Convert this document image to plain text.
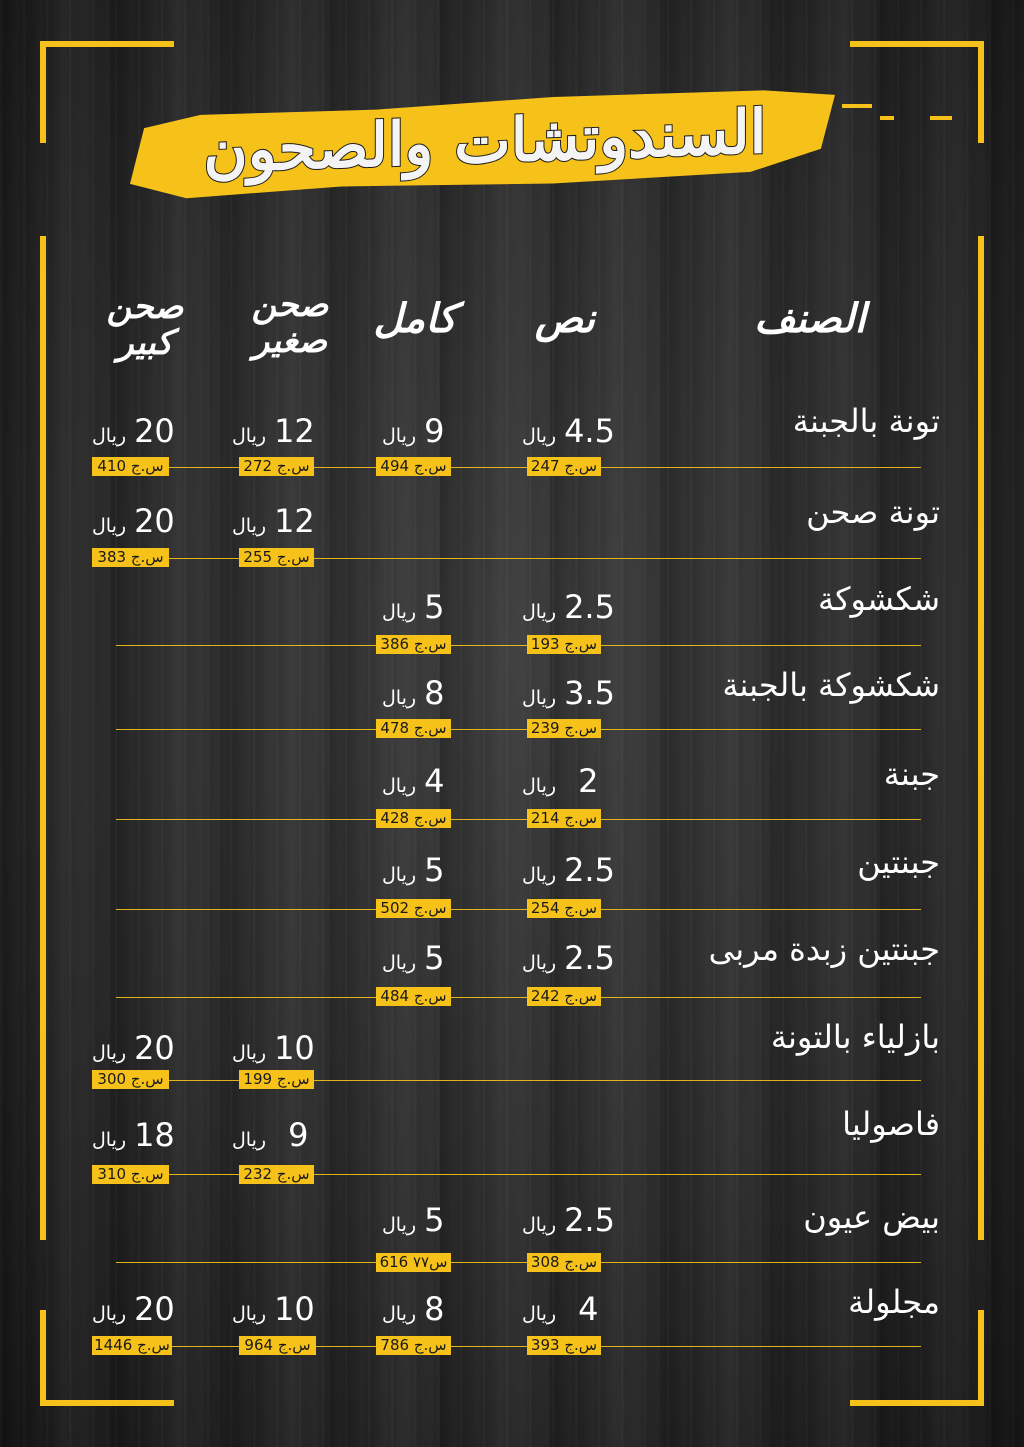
السندوتشات والصحون
الصنف
نص
كامل
صحن صغير
صحن كبير
تونة بالجبنة
ريال 4.5
247 س.ج
ريال 9
494 س.ج
ريال 12
272 س.ج
ريال 20
410 س.ج
تونة صحن
ريال 12
255 س.ج
ريال 20
383 س.ج
شكشوكة
ريال 2.5
193 س.ج
ريال 5
386 س.ج
شكشوكة بالجبنة
ريال 3.5
239 س.ج
ريال 8
478 س.ج
جبنة
ريال 2
214 س.ج
ريال 4
428 س.ج
جبنتين
ريال 2.5
254 س.ج
ريال 5
502 س.ج
جبنتين زبدة مربى
ريال 2.5
242 س.ج
ريال 5
484 س.ج
بازلياء بالتونة
ريال 10
199 س.ج
ريال 20
300 س.ج
فاصوليا
ريال 9
232 س.ج
ريال 18
310 س.ج
بيض عيون
ريال 2.5
308 س.ج
ريال 5
616 س٧٧
مجلولة
ريال 4
393 س.ج
ريال 8
786 س.ج
ريال 10
964 س.ج
ريال 20
1446 س.ج
